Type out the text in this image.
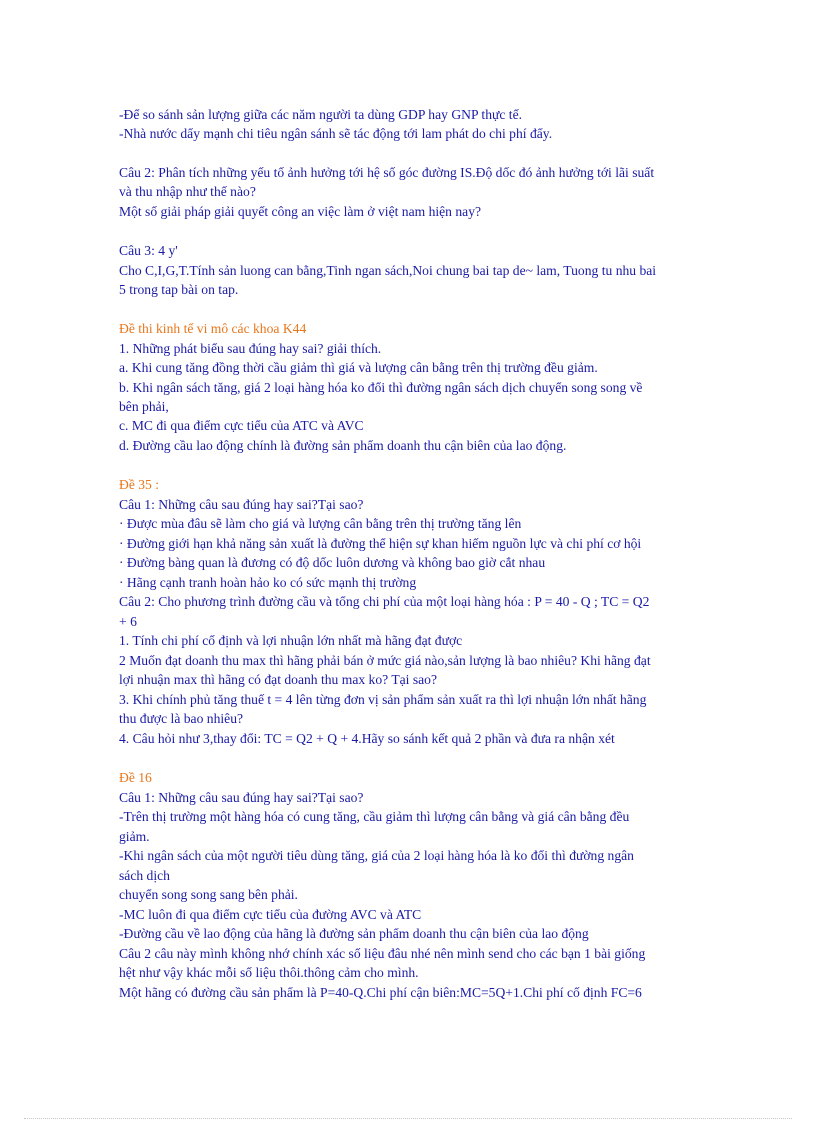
-Để so sánh sản lượng giữa các năm người ta dùng GDP hay GNP thực tế.
-Nhà nước dẩy mạnh chi tiêu ngân sánh sẽ tác động tới lam phát do chi phí đẩy.
Câu 2: Phân tích những yếu tố ảnh hưởng tới hệ số góc đường IS.Độ dốc đó ảnh hưởng tới lãi suất
và thu nhập như thế nào?
Một số giải pháp giải quyết công an việc làm ở việt nam hiện nay?
Câu 3: 4 y'
Cho C,I,G,T.Tính sản luong can bằng,Tinh ngan sách,Noi chung bai tap de~ lam, Tuong tu nhu bai
5 trong tap bài on tap.
Đề thi kinh tế vi mô các khoa K44
1. Những phát biểu sau đúng hay sai? giải thích.
a. Khi cung tăng đồng thời cầu giảm thì giá và lượng cân bằng trên thị trường đều giảm.
b. Khi ngân sách tăng, giá 2 loại hàng hóa ko đổi thì đường ngân sách dịch chuyển song song về
bên phải,
c. MC đi qua điểm cực tiểu của ATC và AVC
d. Đường cầu lao động chính là đường sản phẩm doanh thu cận biên của lao động.
Đề 35 :
Câu 1: Những câu sau đúng hay sai?Tại sao?
· Được mùa đâu sẽ làm cho giá và lượng cân bằng trên thị trường tăng lên
· Đường giới hạn khả năng sản xuất là đường thể hiện sự khan hiếm nguồn lực và chi phí cơ hội
· Đường bàng quan là đương có độ dốc luôn dương và không bao giờ cắt nhau
· Hãng cạnh tranh hoàn hảo ko có sức mạnh thị trường
Câu 2: Cho phương trình đường cầu và tổng chi phí của một loại hàng hóa : P = 40 - Q ; TC = Q2
+ 6
1. Tính chi phí cố định và lợi nhuận lớn nhất mà hãng đạt được
2 Muốn đạt doanh thu max thì hãng phải bán ở mức giá nào,sản lượng là bao nhiêu? Khi hãng đạt
lợi nhuận max thì hãng có đạt doanh thu max ko? Tại sao?
3. Khi chính phủ tăng thuế t = 4 lên từng đơn vị sản phẩm sản xuất ra thì lợi nhuận lớn nhất hãng
thu được là bao nhiêu?
4. Câu hỏi như 3,thay đổi: TC = Q2 + Q + 4.Hãy so sánh kết quả 2 phần và đưa ra nhận xét
Đề 16
Câu 1: Những câu sau đúng hay sai?Tại sao?
-Trên thị trường một hàng hóa có cung tăng, cầu giảm thì lượng cân bằng và giá cân bằng đều
giảm.
-Khi ngân sách của một người tiêu dùng tăng, giá của 2 loại hàng hóa là ko đổi thì đường ngân
sách dịch
chuyển song song sang bên phải.
-MC luôn đi qua điểm cực tiểu của đường AVC và ATC
-Đường cầu về lao động của hãng là đường sản phẩm doanh thu cận biên của lao động
Câu 2 câu này mình không nhớ chính xác số liệu đâu nhé nên mình send cho các bạn 1 bài giống
hệt như vậy khác mỗi số liệu thôi.thông cảm cho mình.
Một hãng có đường cầu sản phẩm là P=40-Q.Chi phí cận biên:MC=5Q+1.Chi phí cố định FC=6
